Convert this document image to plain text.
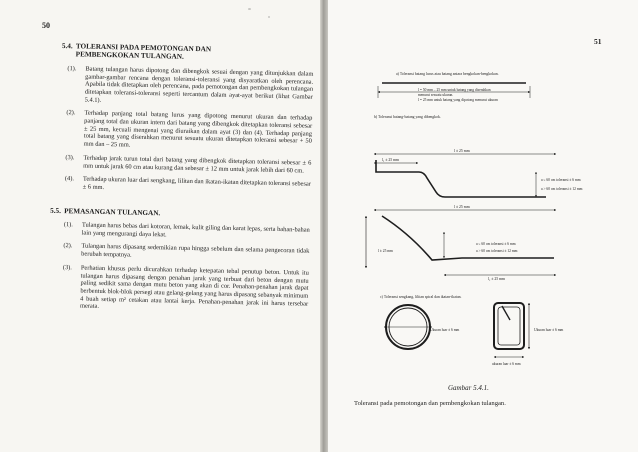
50
5.4. TOLERANSI PADA PEMOTONGAN DAN
PEMBENGKOKAN TULANGAN.
(1).	Batang tulangan harus dipotong dan dibengkok sesuai dengan yang ditunjukkan dalam gambar-gambar rencana dengan toleransi-toleransi yang disyaratkan oleh perencana. Apabila tidak ditetapkan oleh perencana, pada pemotongan dan pembengkokan tulangan ditetapkan toleransi-toleransi seperti tercantum dalam ayat-ayat berikut (lihat Gambar 5.4.1).
(2).	Terhadap panjang total batang lurus yang dipotong menurut ukuran dan terhadap panjang total dan ukuran intern dari batang yang dibengkok ditetapkan toleransi sebesar ± 25 mm, kecuali mengenai yang diuraikan dalam ayat (3) dan (4). Terhadap panjang total batang yang diserahkan menurut sesuatu ukuran ditetapkan toleransi sebesar + 50 mm dan – 25 mm.
(3).	Terhadap jarak turun total dari batang yang dibengkok ditetapkan toleransi sebesar ± 6 mm untuk jarak 60 cm atau kurang dan sebesar ± 12 mm untuk jarak lebih dari 60 cm.
(4).	Terhadap ukuran luar dari sengkang, lilitan dan ikatan-ikatan ditetapkan toleransi sebesar ± 6 mm.
5.5. PEMASANGAN TULANGAN.
(1).	Tulangan harus bebas dari kotoran, lemak, kulit giling dan karat lepas, serta bahan-bahan lain yang mengurangi daya lekat.
(2).	Tulangan harus dipasang sedemikian rupa hingga sebelum dan selama pengecoran tidak berubah tempatnya.
(3).	Perhatian khusus perlu dicurahkan terhadap ketepatan tebal penutup beton. Untuk itu tulangan harus dipasang dengan penahan jarak yang terbuat dari beton dengan mutu paling sedikit sama dengan mutu beton yang akan di cor. Penahan-penahan jarak dapat berbentuk blok-blok persegi atau gelang-gelang yang harus dipasang sebanyak minimum 4 buah setiap m² cetakan atau lantai kerja. Penahan-penahan jarak ini harus tersebar merata.
51
a) Toleransi batang lurus atau batang antara bengkokan-bengkokan.
l = 50 mm – 25 mm untuk batang yang diserahkan
menurut sesuatu ukuran.
l = 25 mm untuk batang yang dipotong menurut ukuran
b) Toleransi batang-batang yang dibengkok.
l ± 25 mm
l₁ ± 25 mm
a ≤ 60 cm toleransi ± 6 mm
a > 60 cm toleransi ± 12 mm
l ± 25 mm
l ± 25 mm
a ≤ 60 cm toleransi ± 6 mm
a > 60 cm toleransi ± 12 mm
l₂ ± 25 mm
c) Toleransi sengkang, lilitan spiral dan ikatan-ikatan.
Ukuran luar ± 6 mm	Ukuran luar ± 6 mm
ukuran luar ± 6 mm
Gambar 5.4.1.
Toleransi pada pemotongan dan pembengkokan tulangan.
